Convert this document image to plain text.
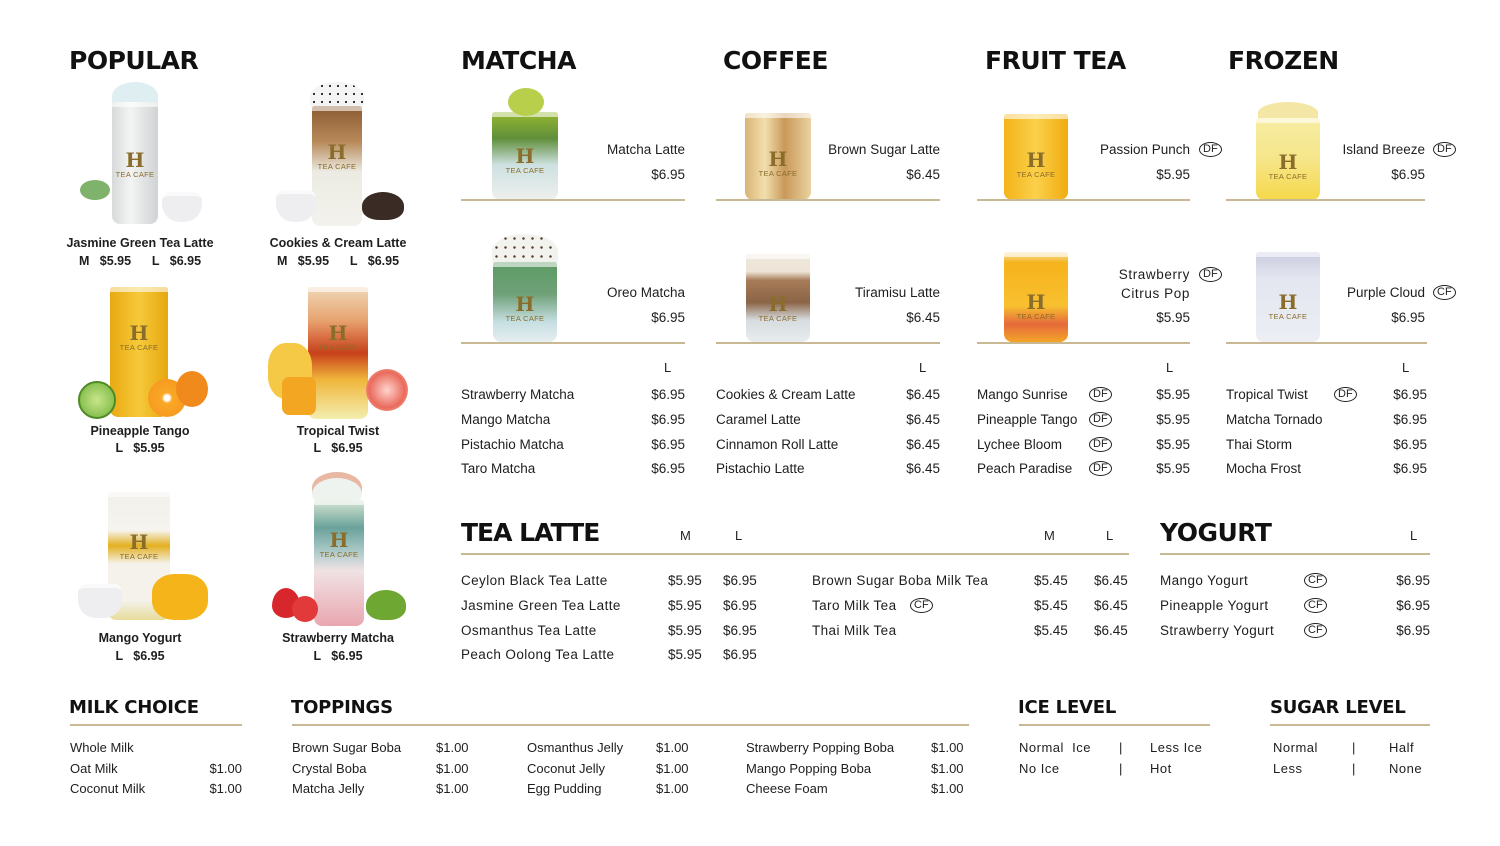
POPULAR
H
TEA CAFE
Jasmine Green Tea Latte
M   $5.95      L   $6.95
H
TEA CAFE
Cookies & Cream Latte
M   $5.95      L   $6.95
H
TEA CAFE
Pineapple Tango
L   $5.95
H
TEA CAFE
Tropical Twist
L   $6.95
H
TEA CAFE
Mango Yogurt
L   $6.95
H
TEA CAFE
Strawberry Matcha
L   $6.95
MATCHA
H
TEA CAFE
Matcha Latte
$6.95
H
TEA CAFE
Oreo Matcha
$6.95
L
Strawberry Matcha	$6.95
Mango Matcha	$6.95
Pistachio Matcha	$6.95
Taro Matcha	$6.95
COFFEE
H
TEA CAFE
Brown Sugar Latte
$6.45
H
TEA CAFE
Tiramisu Latte
$6.45
L
Cookies & Cream Latte	$6.45
Caramel Latte	$6.45
Cinnamon Roll Latte	$6.45
Pistachio Latte	$6.45
FRUIT TEA
H
TEA CAFE
Passion Punch	DF
$5.95
H
TEA CAFE
Strawberry
Citrus Pop
DF
$5.95
L
Mango Sunrise	DF	$5.95
Pineapple Tango	DF	$5.95
Lychee Bloom	DF	$5.95
Peach Paradise	DF	$5.95
FROZEN
H
TEA CAFE
Island Breeze	DF
$6.95
H
TEA CAFE
Purple Cloud	CF
$6.95
L
Tropical Twist	DF	$6.95
Matcha Tornado	$6.95
Thai Storm	$6.95
Mocha Frost	$6.95
TEA LATTE	M	L	M	L
Ceylon Black Tea Latte	$5.95 $6.95
Jasmine Green Tea Latte	$5.95 $6.95
Osmanthus Tea Latte	$5.95 $6.95
Peach Oolong Tea Latte	$5.95 $6.95
Brown Sugar Boba Milk Tea	$5.45 $6.45
Taro Milk Tea	CF	$5.45 $6.45
Thai Milk Tea	$5.45 $6.45
YOGURT	L
Mango Yogurt	CF	$6.95
Pineapple Yogurt	CF	$6.95
Strawberry Yogurt	CF	$6.95
MILK CHOICE
Whole Milk
Oat Milk	$1.00
Coconut Milk	$1.00
TOPPINGS
Brown Sugar Boba	$1.00
Crystal Boba	$1.00
Matcha Jelly	$1.00
Osmanthus Jelly	$1.00
Coconut Jelly	$1.00
Egg Pudding	$1.00
Strawberry Popping Boba	$1.00
Mango Popping Boba	$1.00
Cheese Foam	$1.00
ICE LEVEL
Normal  Ice | Less Ice
No Ice	| Hot
SUGAR LEVEL
Normal	|	Half
Less	|	None
